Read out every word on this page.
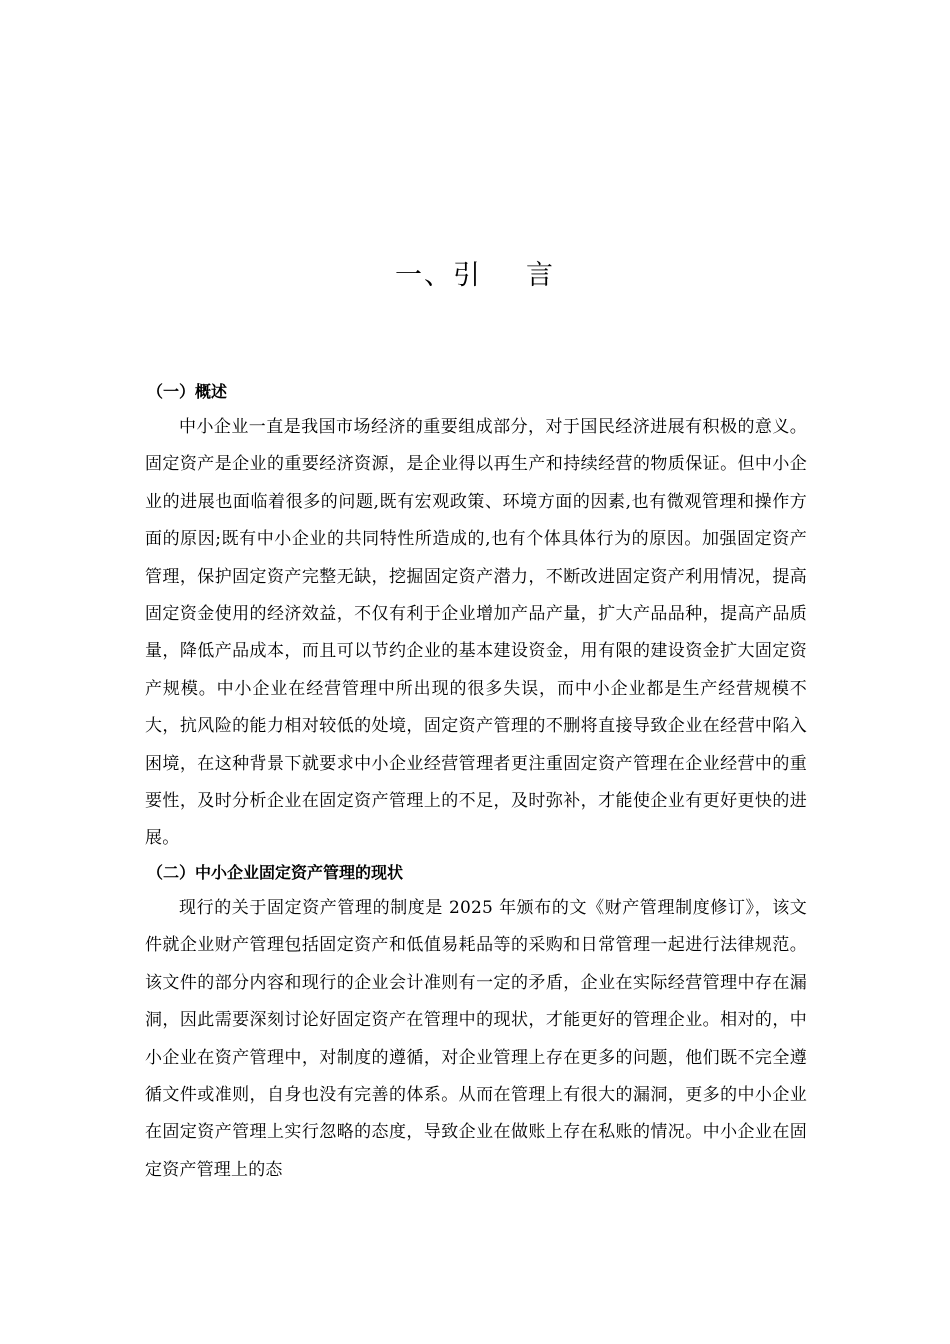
一、引 言
（一）概述

中小企业一直是我国市场经济的重要组成部分，对于国民经济进展有积极的意义。固定资产是企业的重要经济资源，是企业得以再生产和持续经营的物质保证。但中小企业的进展也面临着很多的问题,既有宏观政策、环境方面的因素,也有微观管理和操作方面的原因;既有中小企业的共同特性所造成的,也有个体具体行为的原因。加强固定资产管理，保护固定资产完整无缺，挖掘固定资产潜力，不断改进固定资产利用情况，提高固定资金使用的经济效益，不仅有利于企业增加产品产量，扩大产品品种，提高产品质量，降低产品成本，而且可以节约企业的基本建设资金，用有限的建设资金扩大固定资产规模。中小企业在经营管理中所出现的很多失误，而中小企业都是生产经营规模不大，抗风险的能力相对较低的处境，固定资产管理的不删将直接导致企业在经营中陷入困境，在这种背景下就要求中小企业经营管理者更注重固定资产管理在企业经营中的重要性，及时分析企业在固定资产管理上的不足，及时弥补，才能使企业有更好更快的进展。

（二）中小企业固定资产管理的现状

现行的关于固定资产管理的制度是 2025 年颁布的文《财产管理制度修订》，该文件就企业财产管理包括固定资产和低值易耗品等的采购和日常管理一起进行法律规范。该文件的部分内容和现行的企业会计准则有一定的矛盾，企业在实际经营管理中存在漏洞，因此需要深刻讨论好固定资产在管理中的现状，才能更好的管理企业。相对的，中小企业在资产管理中，对制度的遵循，对企业管理上存在更多的问题，他们既不完全遵循文件或准则，自身也没有完善的体系。从而在管理上有很大的漏洞，更多的中小企业在固定资产管理上实行忽略的态度，导致企业在做账上存在私账的情况。中小企业在固定资产管理上的态
